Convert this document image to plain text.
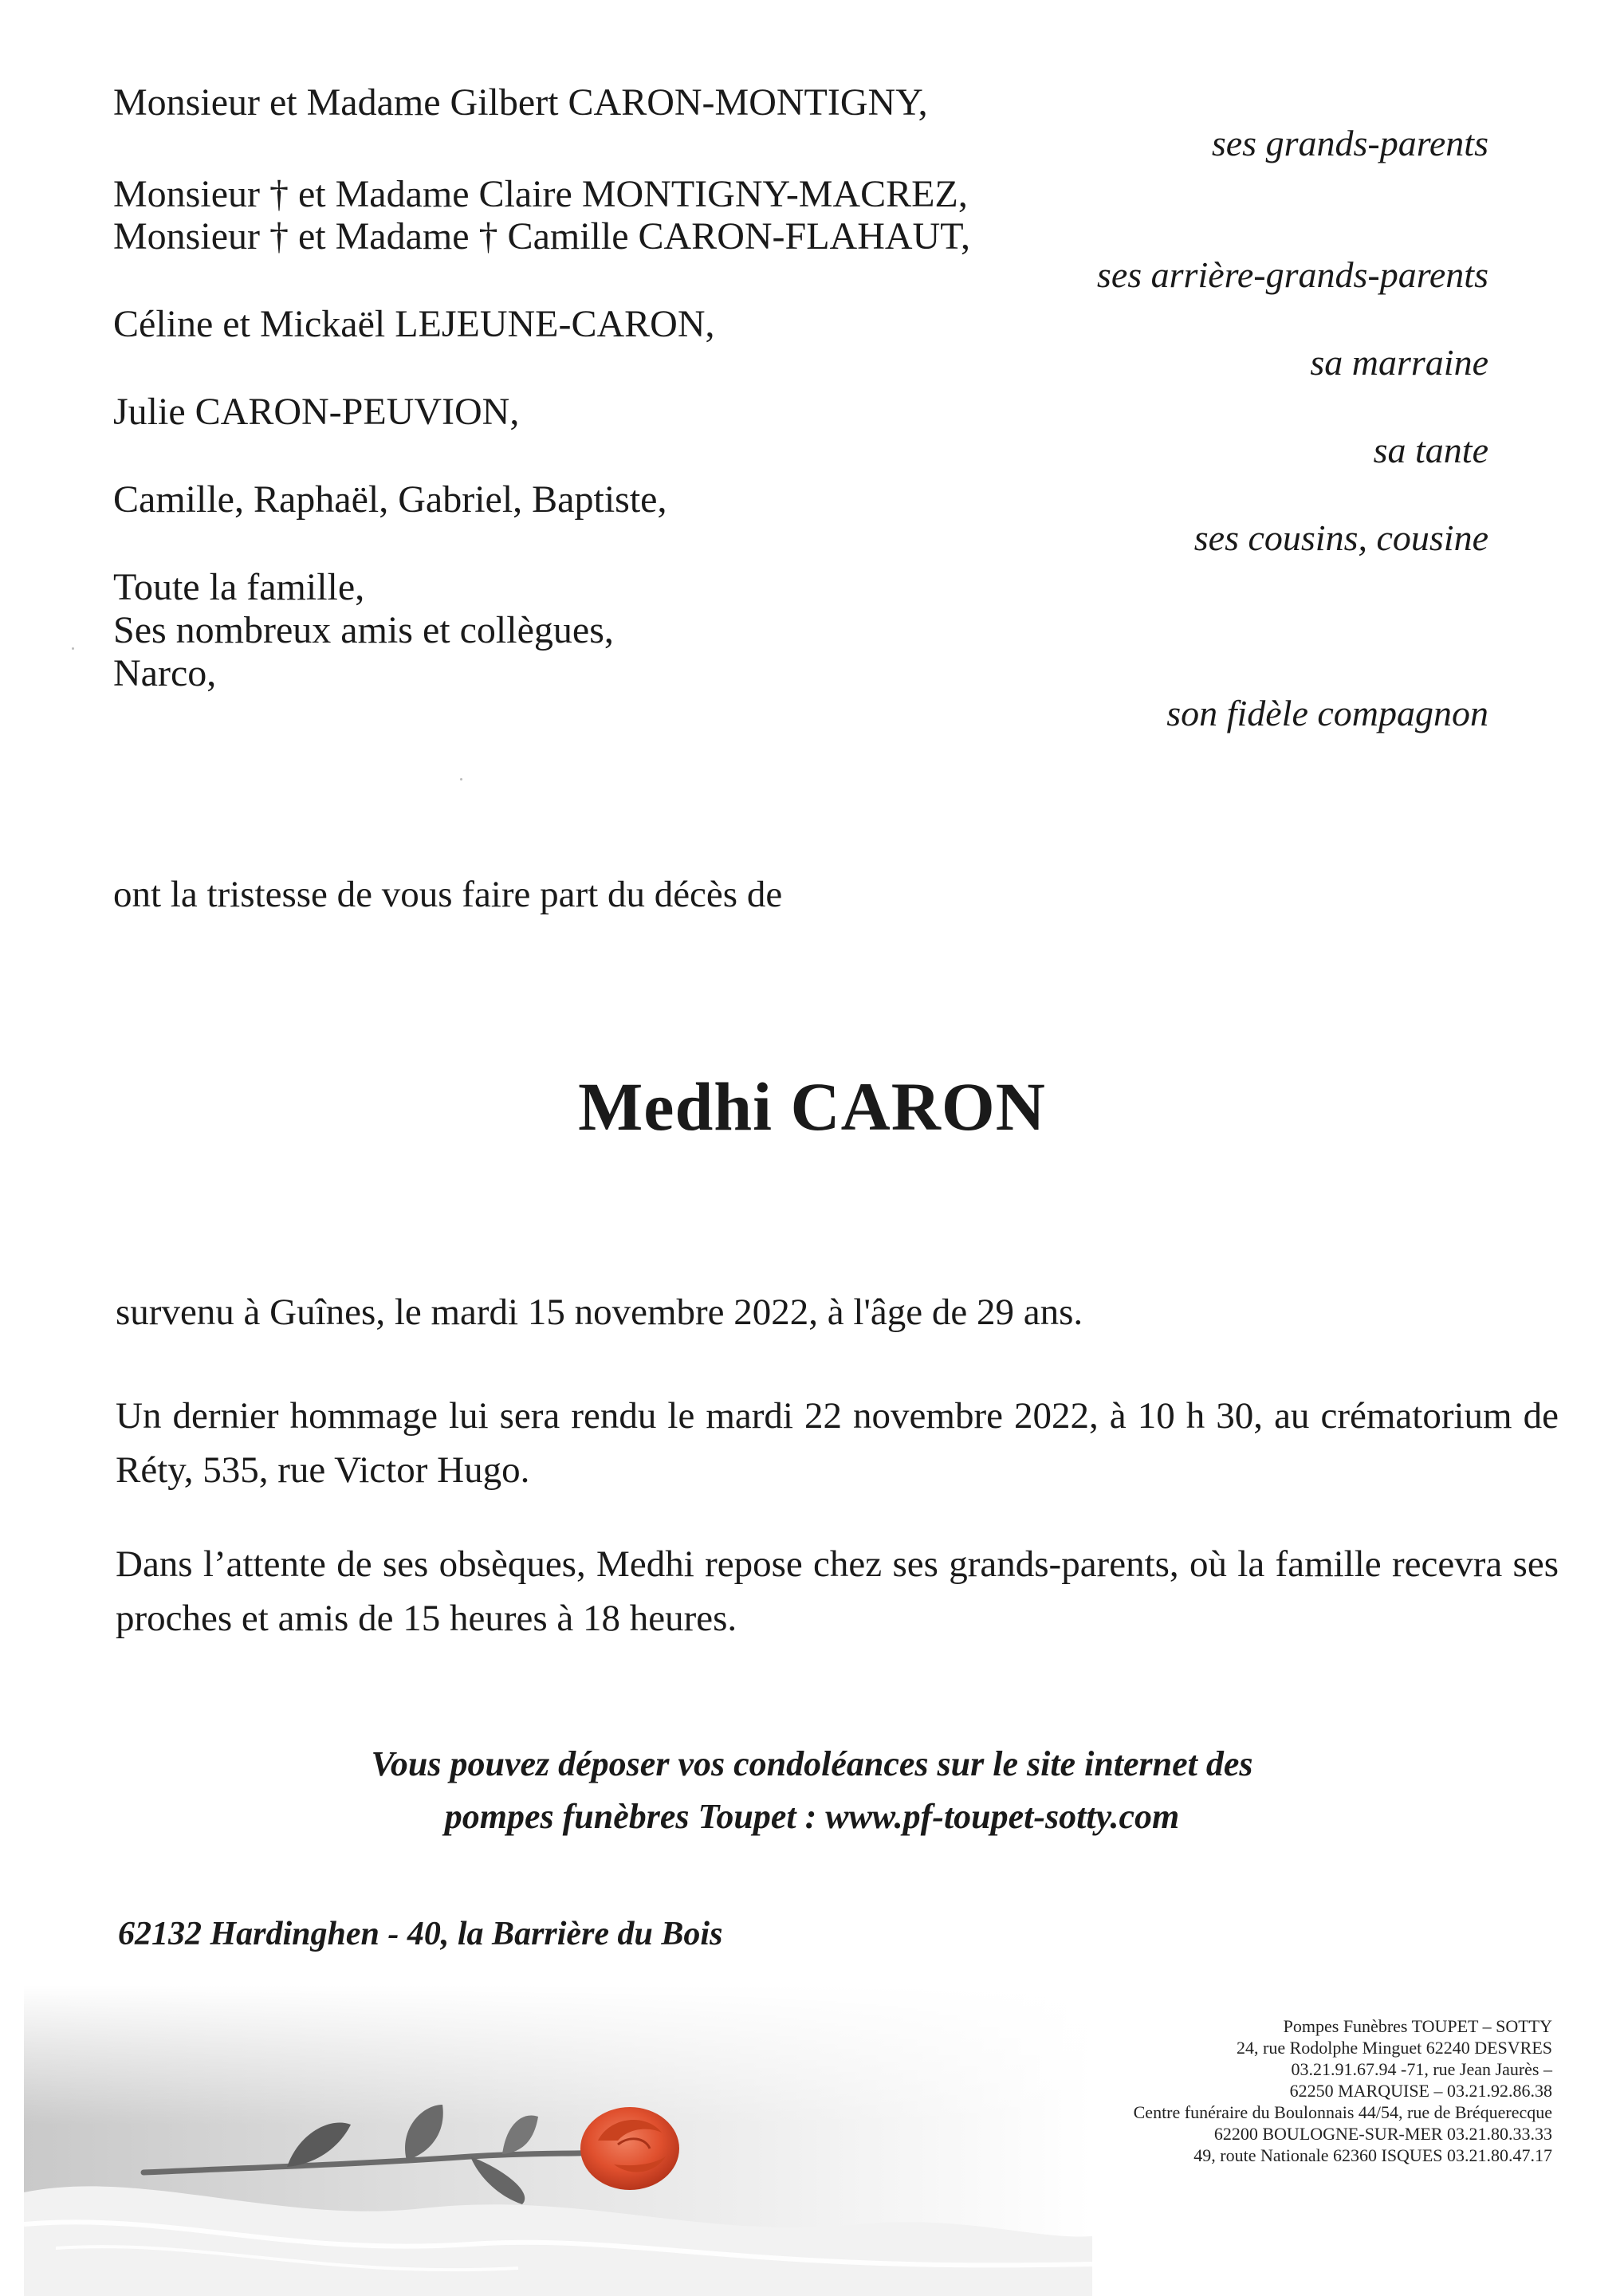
Monsieur et Madame Gilbert CARON-MONTIGNY,

Monsieur † et Madame Claire MONTIGNY-MACREZ,

Monsieur † et Madame † Camille CARON-FLAHAUT,

Céline et Mickaël LEJEUNE-CARON,

Julie CARON-PEUVION,

Camille, Raphaël, Gabriel, Baptiste,

Toute la famille,

Ses nombreux amis et collègues,

Narco,

ses grands-parents

ses arrière-grands-parents

sa marraine

sa tante

ses cousins, cousine

son fidèle compagnon

ont la tristesse de vous faire part du décès de

Medhi CARON

survenu à Guînes, le mardi 15 novembre 2022, à l'âge de 29 ans.

Un dernier hommage lui sera rendu le mardi 22 novembre 2022, à 10 h 30, au crématorium de Réty, 535, rue Victor Hugo.

Dans l’attente de ses obsèques, Medhi repose chez ses grands-parents, où la famille recevra ses proches et amis de 15 heures à 18 heures.

Vous pouvez déposer vos condoléances sur le site internet des
pompes funèbres Toupet : www.pf-toupet-sotty.com

62132 Hardinghen - 40, la Barrière du Bois

Pompes Funèbres TOUPET – SOTTY
24, rue Rodolphe Minguet 62240 DESVRES
03.21.91.67.94 -71, rue Jean Jaurès –
62250 MARQUISE – 03.21.92.86.38
Centre funéraire du Boulonnais 44/54, rue de Bréquerecque
62200 BOULOGNE-SUR-MER 03.21.80.33.33
49, route Nationale 62360 ISQUES 03.21.80.47.17
